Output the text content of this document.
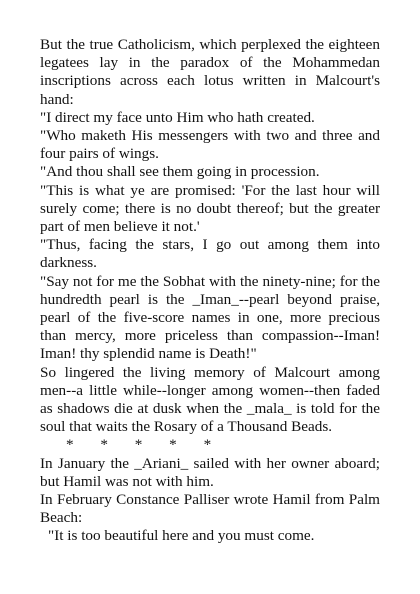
But the true Catholicism, which perplexed the eighteen legatees lay in the paradox of the Mohammedan inscriptions across each lotus written in Malcourt's hand:

"I direct my face unto Him who hath created.

"Who maketh His messengers with two and three and four pairs of wings.

"And thou shall see them going in procession.

"This is what ye are promised: 'For the last hour will surely come; there is no doubt thereof; but the greater part of men believe it not.'

"Thus, facing the stars, I go out among them into darkness.

"Say not for me the Sobhat with the ninety-nine; for the hundredth pearl is the _Iman_--pearl beyond praise, pearl of the five-score names in one, more precious than mercy, more priceless than compassion--Iman! Iman! thy splendid name is Death!"

So lingered the living memory of Malcourt among men--a little while--longer among women--then faded as shadows die at dusk when the _mala_ is told for the soul that waits the Rosary of a Thousand Beads.

* * * * *

In January the _Ariani_ sailed with her owner aboard; but Hamil was not with him.

In February Constance Palliser wrote Hamil from Palm Beach:

"It is too beautiful here and you must come.
